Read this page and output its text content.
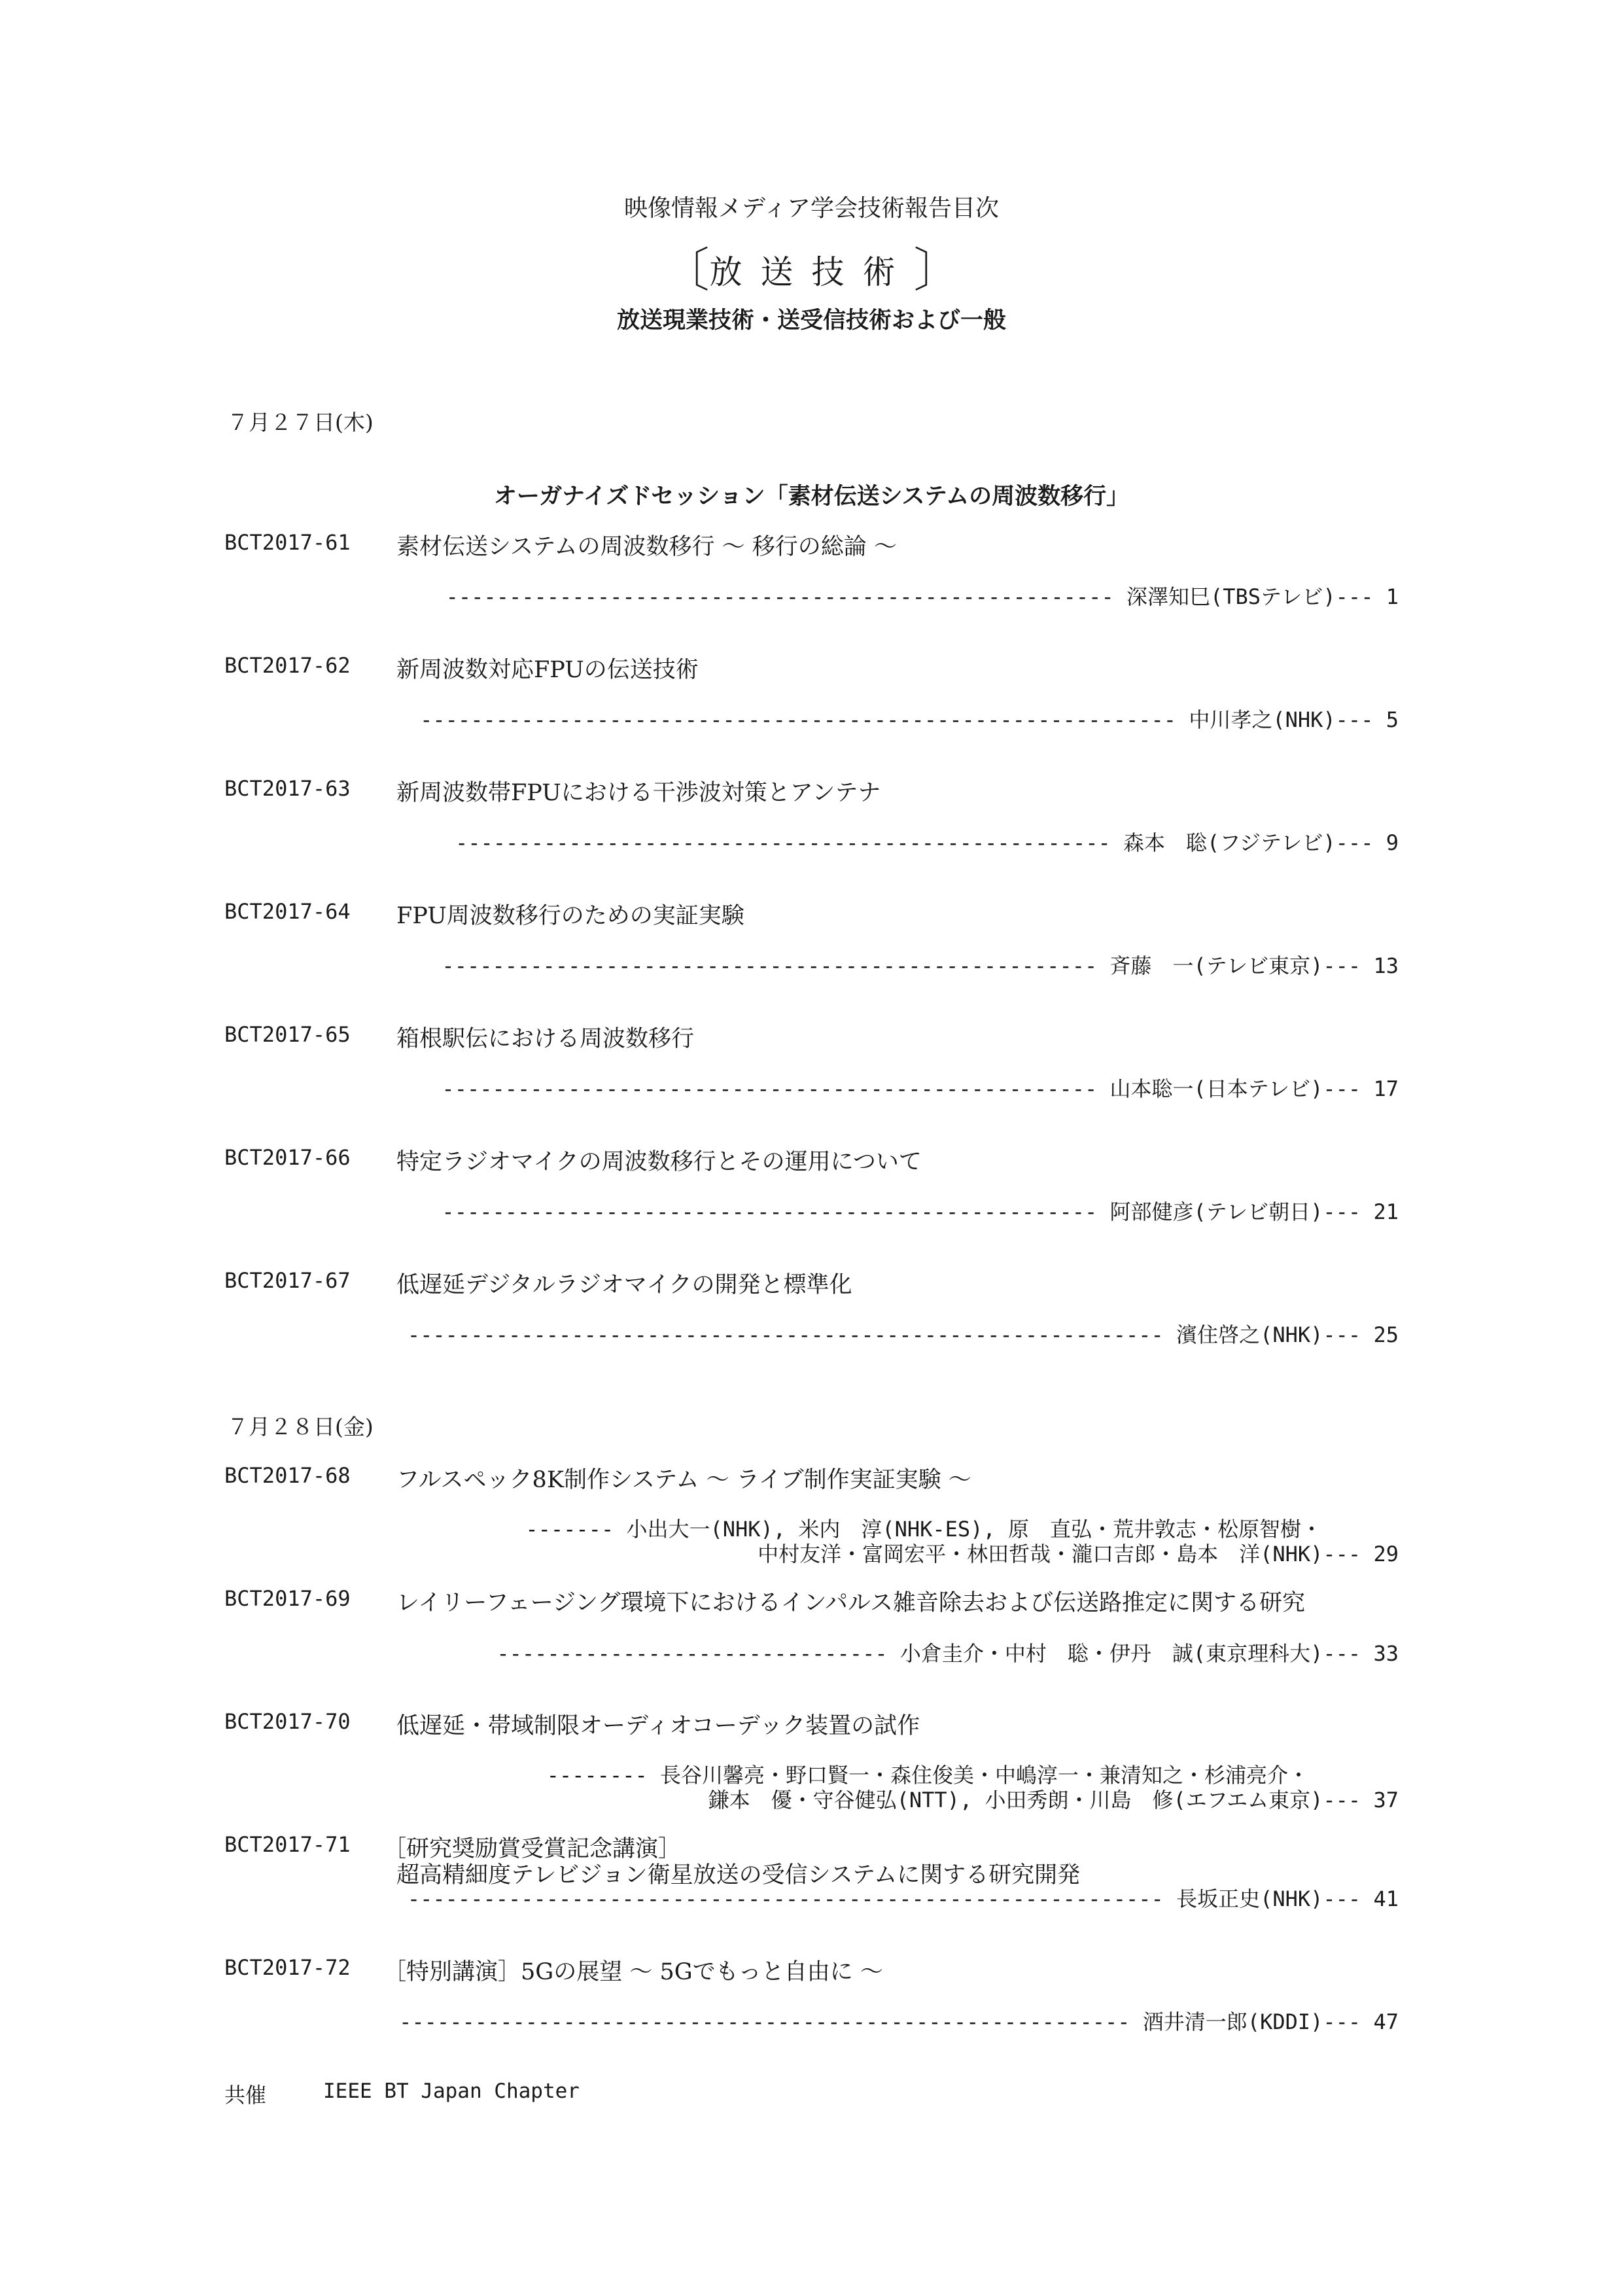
映像情報メディア学会技術報告目次
〔放送技術〕
放送現業技術・送受信技術および一般
７月２７日(木)
オーガナイズドセッション「素材伝送システムの周波数移行」
BCT2017-61 素材伝送システムの周波数移行 ～ 移行の総論 ～
----------------------------------------------------- 深澤知巳(TBSテレビ)--- 1
BCT2017-62 新周波数対応FPUの伝送技術
------------------------------------------------------------ 中川孝之(NHK)--- 5
BCT2017-63 新周波数帯FPUにおける干渉波対策とアンテナ
---------------------------------------------------- 森本　聡(フジテレビ)--- 9
BCT2017-64 FPU周波数移行のための実証実験
---------------------------------------------------- 斉藤　一(テレビ東京)--- 13
BCT2017-65 箱根駅伝における周波数移行
---------------------------------------------------- 山本聡一(日本テレビ)--- 17
BCT2017-66 特定ラジオマイクの周波数移行とその運用について
---------------------------------------------------- 阿部健彦(テレビ朝日)--- 21
BCT2017-67 低遅延デジタルラジオマイクの開発と標準化
------------------------------------------------------------ 濱住啓之(NHK)--- 25
７月２８日(金)
BCT2017-68 フルスペック8K制作システム ～ ライブ制作実証実験 ～
------- 小出大一(NHK), 米内　淳(NHK-ES), 原　直弘・荒井敦志・松原智樹・
中村友洋・富岡宏平・林田哲哉・瀧口吉郎・島本　洋(NHK)--- 29
BCT2017-69 レイリーフェージング環境下におけるインパルス雑音除去および伝送路推定に関する研究
------------------------------- 小倉圭介・中村　聡・伊丹　誠(東京理科大)--- 33
BCT2017-70 低遅延・帯域制限オーディオコーデック装置の試作
-------- 長谷川馨亮・野口賢一・森住俊美・中嶋淳一・兼清知之・杉浦亮介・
鎌本　優・守谷健弘(NTT), 小田秀朗・川島　修(エフエム東京)--- 37
BCT2017-71 ［研究奨励賞受賞記念講演］
超高精細度テレビジョン衛星放送の受信システムに関する研究開発
------------------------------------------------------------ 長坂正史(NHK)--- 41
BCT2017-72 ［特別講演］5Gの展望 ～ 5Gでもっと自由に ～
---------------------------------------------------------- 酒井清一郎(KDDI)--- 47
共催	IEEE BT Japan Chapter
